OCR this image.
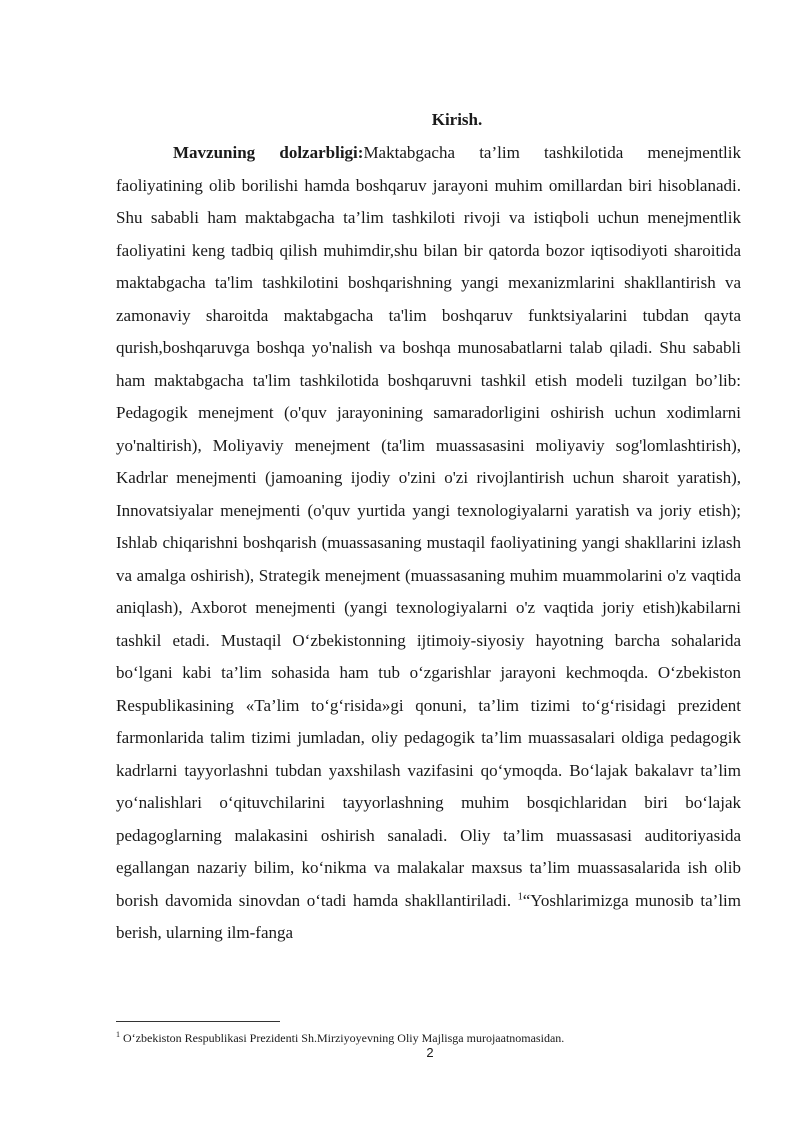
Kirish.

Mavzuning dolzarbligi:Maktabgacha ta’lim tashkilotida menejmentlik faoliyatining olib borilishi hamda boshqaruv jarayoni muhim omillardan biri hisoblanadi. Shu sababli ham maktabgacha ta’lim tashkiloti rivoji va istiqboli uchun menejmentlik faoliyatini keng tadbiq qilish muhimdir,shu bilan bir qatorda bozor iqtisodiyoti sharoitida maktabgacha ta'lim tashkilotini boshqarishning yangi mexanizmlarini shakllantirish va zamonaviy sharoitda maktabgacha ta'lim boshqaruv funktsiyalarini tubdan qayta qurish,boshqaruvga boshqa yo'nalish va boshqa munosabatlarni talab qiladi. Shu sababli ham maktabgacha ta'lim tashkilotida boshqaruvni tashkil etish modeli tuzilgan bo’lib: Pedagogik menejment (o'quv jarayonining samaradorligini oshirish uchun xodimlarni yo'naltirish), Moliyaviy menejment (ta'lim muassasasini moliyaviy sog'lomlashtirish), Kadrlar menejmenti (jamoaning ijodiy o'zini o'zi rivojlantirish uchun sharoit yaratish), Innovatsiyalar menejmenti (o'quv yurtida yangi texnologiyalarni yaratish va joriy etish); Ishlab chiqarishni boshqarish (muassasaning mustaqil faoliyatining yangi shakllarini izlash va amalga oshirish), Strategik menejment (muassasaning muhim muammolarini o'z vaqtida aniqlash), Axborot menejmenti (yangi texnologiyalarni o'z vaqtida joriy etish)kabilarni tashkil etadi. Mustaqil O‘zbekistonning ijtimoiy-siyosiy hayotning barcha sohalarida bo‘lgani kabi ta’lim sohasida ham tub o‘zgarishlar jarayoni kechmoqda. O‘zbekiston Respublikasining «Ta’lim to‘g‘risida»gi qonuni, ta’lim tizimi to‘g‘risidagi prezident farmonlarida talim tizimi jumladan, oliy pedagogik ta’lim muassasalari oldiga pedagogik kadrlarni tayyorlashni tubdan yaxshilash vazifasini qo‘ymoqda. Bo‘lajak bakalavr ta’lim yo‘nalishlari o‘qituvchilarini tayyorlashning muhim bosqichlaridan biri bo‘lajak pedagoglarning malakasini oshirish sanaladi. Oliy ta’lim muassasasi auditoriyasida egallangan nazariy bilim, ko‘nikma va malakalar maxsus ta’lim muassasalarida ish olib borish davomida sinovdan o‘tadi hamda shakllantiriladi. $^1$“Yoshlarimizga munosib ta’lim berish, ularning ilm-fanga

$^1$ O‘zbekiston Respublikasi Prezidenti Sh.Mirziyoyevning Oliy Majlisga murojaatnomasidan.
2
